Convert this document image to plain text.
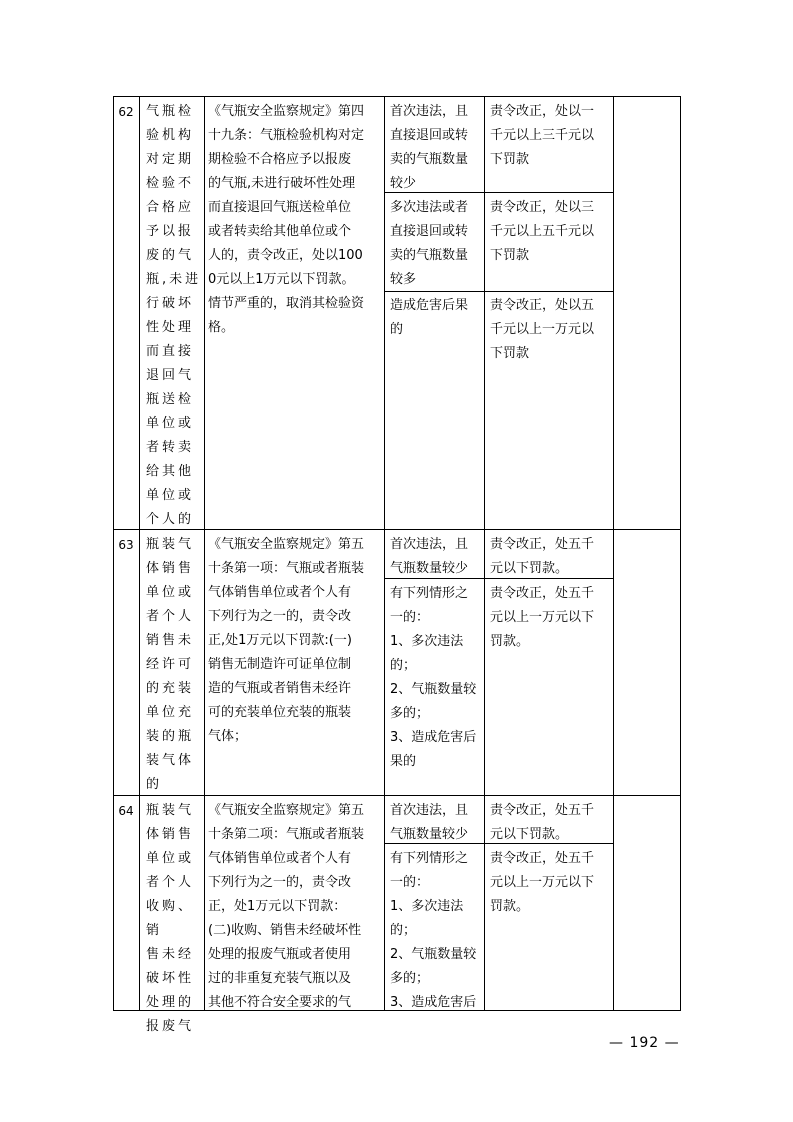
62 气瓶检
验机构
对定期
检验不
合格应
予以报
废的气
瓶,未进
行破坏
性处理
而直接
退回气
瓶送检
单位或
者转卖
给其他
单位或
个人的
《气瓶安全监察规定》第四
十九条：气瓶检验机构对定
期检验不合格应予以报废
的气瓶,未进行破坏性处理
而直接退回气瓶送检单位
或者转卖给其他单位或个
人的，责令改正，处以100
0元以上1万元以下罚款。
情节严重的，取消其检验资
格。
首次违法，且
直接退回或转
卖的气瓶数量
较少
责令改正，处以一
千元以上三千元以
下罚款
多次违法或者
直接退回或转
卖的气瓶数量
较多
责令改正，处以三
千元以上五千元以
下罚款
造成危害后果
的
责令改正，处以五
千元以上一万元以
下罚款
63 瓶装气
体销售
单位或
者个人
销售未
经许可
的充装
单位充
装的瓶
装气体
的
《气瓶安全监察规定》第五
十条第一项：气瓶或者瓶装
气体销售单位或者个人有
下列行为之一的，责令改
正,处1万元以下罚款:(一)
销售无制造许可证单位制
造的气瓶或者销售未经许
可的充装单位充装的瓶装
气体；
首次违法，且
气瓶数量较少
责令改正，处五千
元以下罚款。
有下列情形之
一的：
1、多次违法
的；
2、气瓶数量较
多的；
3、造成危害后
果的
责令改正，处五千
元以上一万元以下
罚款。
64 瓶装气
体销售
单位或
者个人
收购、销
售未经
破坏性
处理的
报废气
《气瓶安全监察规定》第五
十条第二项：气瓶或者瓶装
气体销售单位或者个人有
下列行为之一的，责令改
正，处1万元以下罚款：
(二)收购、销售未经破坏性
处理的报废气瓶或者使用
过的非重复充装气瓶以及
其他不符合安全要求的气
首次违法，且
气瓶数量较少
责令改正，处五千
元以下罚款。
有下列情形之
一的：
1、多次违法
的；
2、气瓶数量较
多的；
3、造成危害后
责令改正，处五千
元以上一万元以下
罚款。
— 192 —
